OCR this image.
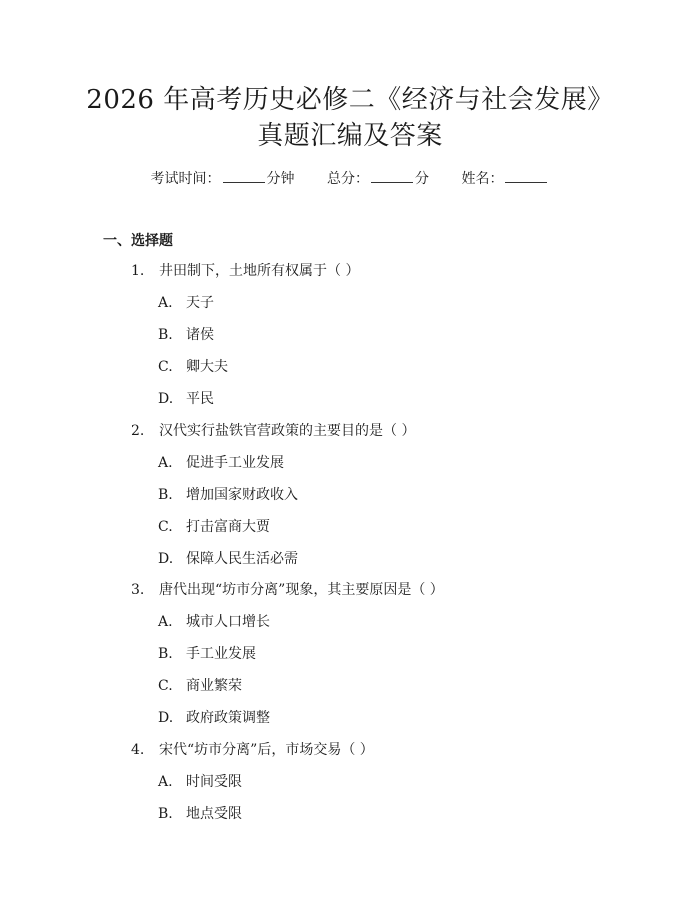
2026 年高考历史必修二《经济与社会发展》
真题汇编及答案
考试时间：	分钟 总分：	分 姓名：
一、选择题
1. 井田制下，土地所有权属于（ ）
A. 天子
B. 诸侯
C. 卿大夫
D. 平民
2. 汉代实行盐铁官营政策的主要目的是（ ）
A. 促进手工业发展
B. 增加国家财政收入
C. 打击富商大贾
D. 保障人民生活必需
3. 唐代出现“坊市分离”现象，其主要原因是（ ）
A. 城市人口增长
B. 手工业发展
C. 商业繁荣
D. 政府政策调整
4. 宋代“坊市分离”后，市场交易（ ）
A. 时间受限
B. 地点受限
